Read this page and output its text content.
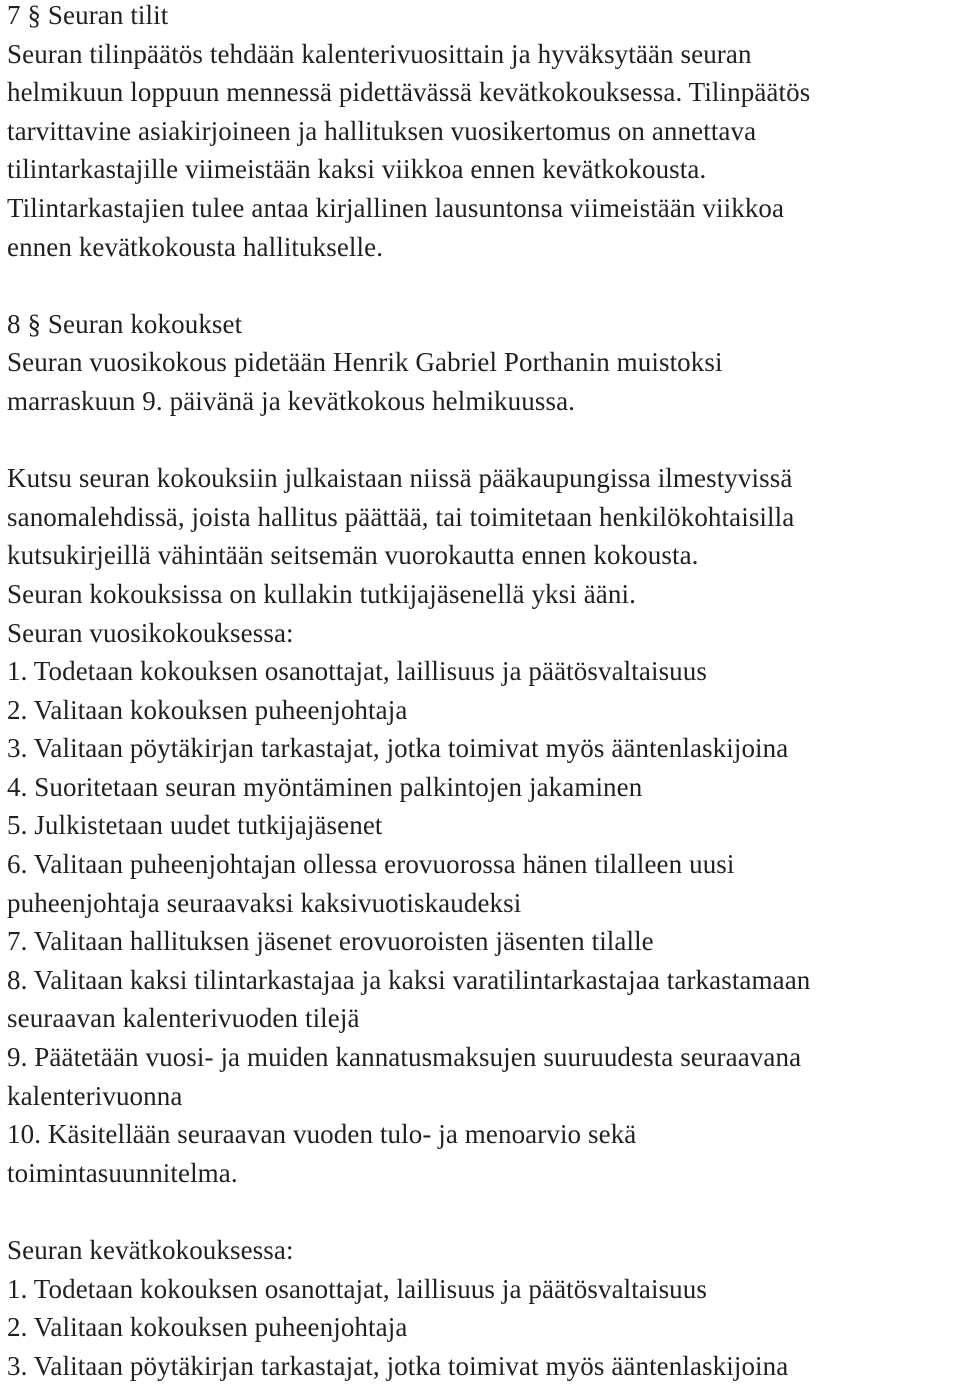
7 § Seuran tilit
Seuran tilinpäätös tehdään kalenterivuosittain ja hyväksytään seuran
helmikuun loppuun mennessä pidettävässä kevätkokouksessa. Tilinpäätös
tarvittavine asiakirjoineen ja hallituksen vuosikertomus on annettava
tilintarkastajille viimeistään kaksi viikkoa ennen kevätkokousta.
Tilintarkastajien tulee antaa kirjallinen lausuntonsa viimeistään viikkoa
ennen kevätkokousta hallitukselle.
8 § Seuran kokoukset
Seuran vuosikokous pidetään Henrik Gabriel Porthanin muistoksi
marraskuun 9. päivänä ja kevätkokous helmikuussa.
Kutsu seuran kokouksiin julkaistaan niissä pääkaupungissa ilmestyvissä
sanomalehdissä, joista hallitus päättää, tai toimitetaan henkilökohtaisilla
kutsukirjeillä vähintään seitsemän vuorokautta ennen kokousta.
Seuran kokouksissa on kullakin tutkijajäsenellä yksi ääni.
Seuran vuosikokouksessa:
1. Todetaan kokouksen osanottajat, laillisuus ja päätösvaltaisuus
2. Valitaan kokouksen puheenjohtaja
3. Valitaan pöytäkirjan tarkastajat, jotka toimivat myös ääntenlaskijoina
4. Suoritetaan seuran myöntäminen palkintojen jakaminen
5. Julkistetaan uudet tutkijajäsenet
6. Valitaan puheenjohtajan ollessa erovuorossa hänen tilalleen uusi
puheenjohtaja seuraavaksi kaksivuotiskaudeksi
7. Valitaan hallituksen jäsenet erovuoroisten jäsenten tilalle
8. Valitaan kaksi tilintarkastajaa ja kaksi varatilintarkastajaa tarkastamaan
seuraavan kalenterivuoden tilejä
9. Päätetään vuosi- ja muiden kannatusmaksujen suuruudesta seuraavana
kalenterivuonna
10. Käsitellään seuraavan vuoden tulo- ja menoarvio sekä
toimintasuunnitelma.
Seuran kevätkokouksessa:
1. Todetaan kokouksen osanottajat, laillisuus ja päätösvaltaisuus
2. Valitaan kokouksen puheenjohtaja
3. Valitaan pöytäkirjan tarkastajat, jotka toimivat myös ääntenlaskijoina
